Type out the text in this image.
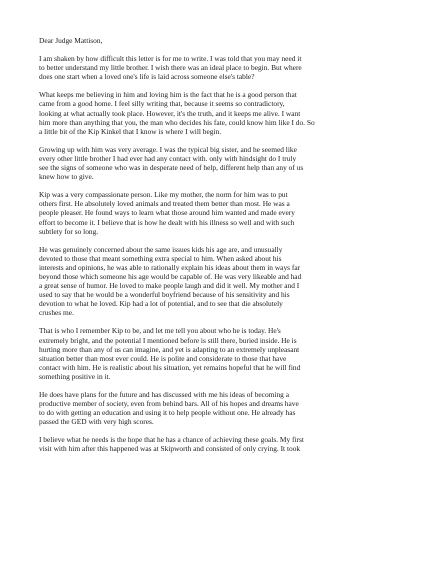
Dear Judge Mattison,
I am shaken by how difficult this letter is for me to write. I was told that you may need it
to better understand my little brother. I wish there was an ideal place to begin. But where
does one start when a loved one's life is laid across someone else's table?
What keeps me believing in him and loving him is the fact that he is a good person that
came from a good home. I feel silly writing that, because it seems so contradictory,
looking at what actually took place. However, it's the truth, and it keeps me alive. I want
him more than anything that you, the man who decides his fate, could know him like I do. So
a little bit of the Kip Kinkel that I know is where I will begin.
Growing up with him was very average. I was the typical big sister, and he seemed like
every other little brother I had ever had any contact with. only with hindsight do I truly
see the signs of someone who was in desperate need of help, different help than any of us
knew how to give.
Kip was a very compassionate person. Like my mother, the norm for him was to put
others first. He absolutely loved animals and treated them better than most. He was a
people pleaser. He found ways to learn what those around him wanted and made every
effort to become it. I believe that is how he dealt with his illness so well and with such
subtlety for so long.
He was genuinely concerned about the same issues kids his age are, and unusually
devoted to those that meant something extra special to him. When asked about his
interests and opinions, he was able to rationally explain his ideas about them in ways far
beyond those which someone his age would be capable of. He was very likeable and had
a great sense of humor. He loved to make people laugh and did it well. My mother and I
used to say that he would be a wonderful boyfriend because of his sensitivity and his
devotion to what he loved. Kip had a lot of potential, and to see that die absolutely
crushes me.
That is who I remember Kip to be, and let me tell you about who he is today. He's
extremely bright, and the potential I mentioned before is still there, buried inside. He is
hurting more than any of us can imagine, and yet is adapting to an extremely unpleasant
situation better than most ever could. He is polite and considerate to those that have
contact with him. He is realistic about his situation, yet remains hopeful that he will find
something positive in it.
He does have plans for the future and has discussed with me his ideas of becoming a
productive member of society, even from behind bars. All of his hopes and dreams have
to do with getting an education and using it to help people without one. He already has
passed the GED with very high scores.
I believe what he needs is the hope that he has a chance of achieving these goals. My first
visit with him after this happened was at Skipworth and consisted of only crying. It took
